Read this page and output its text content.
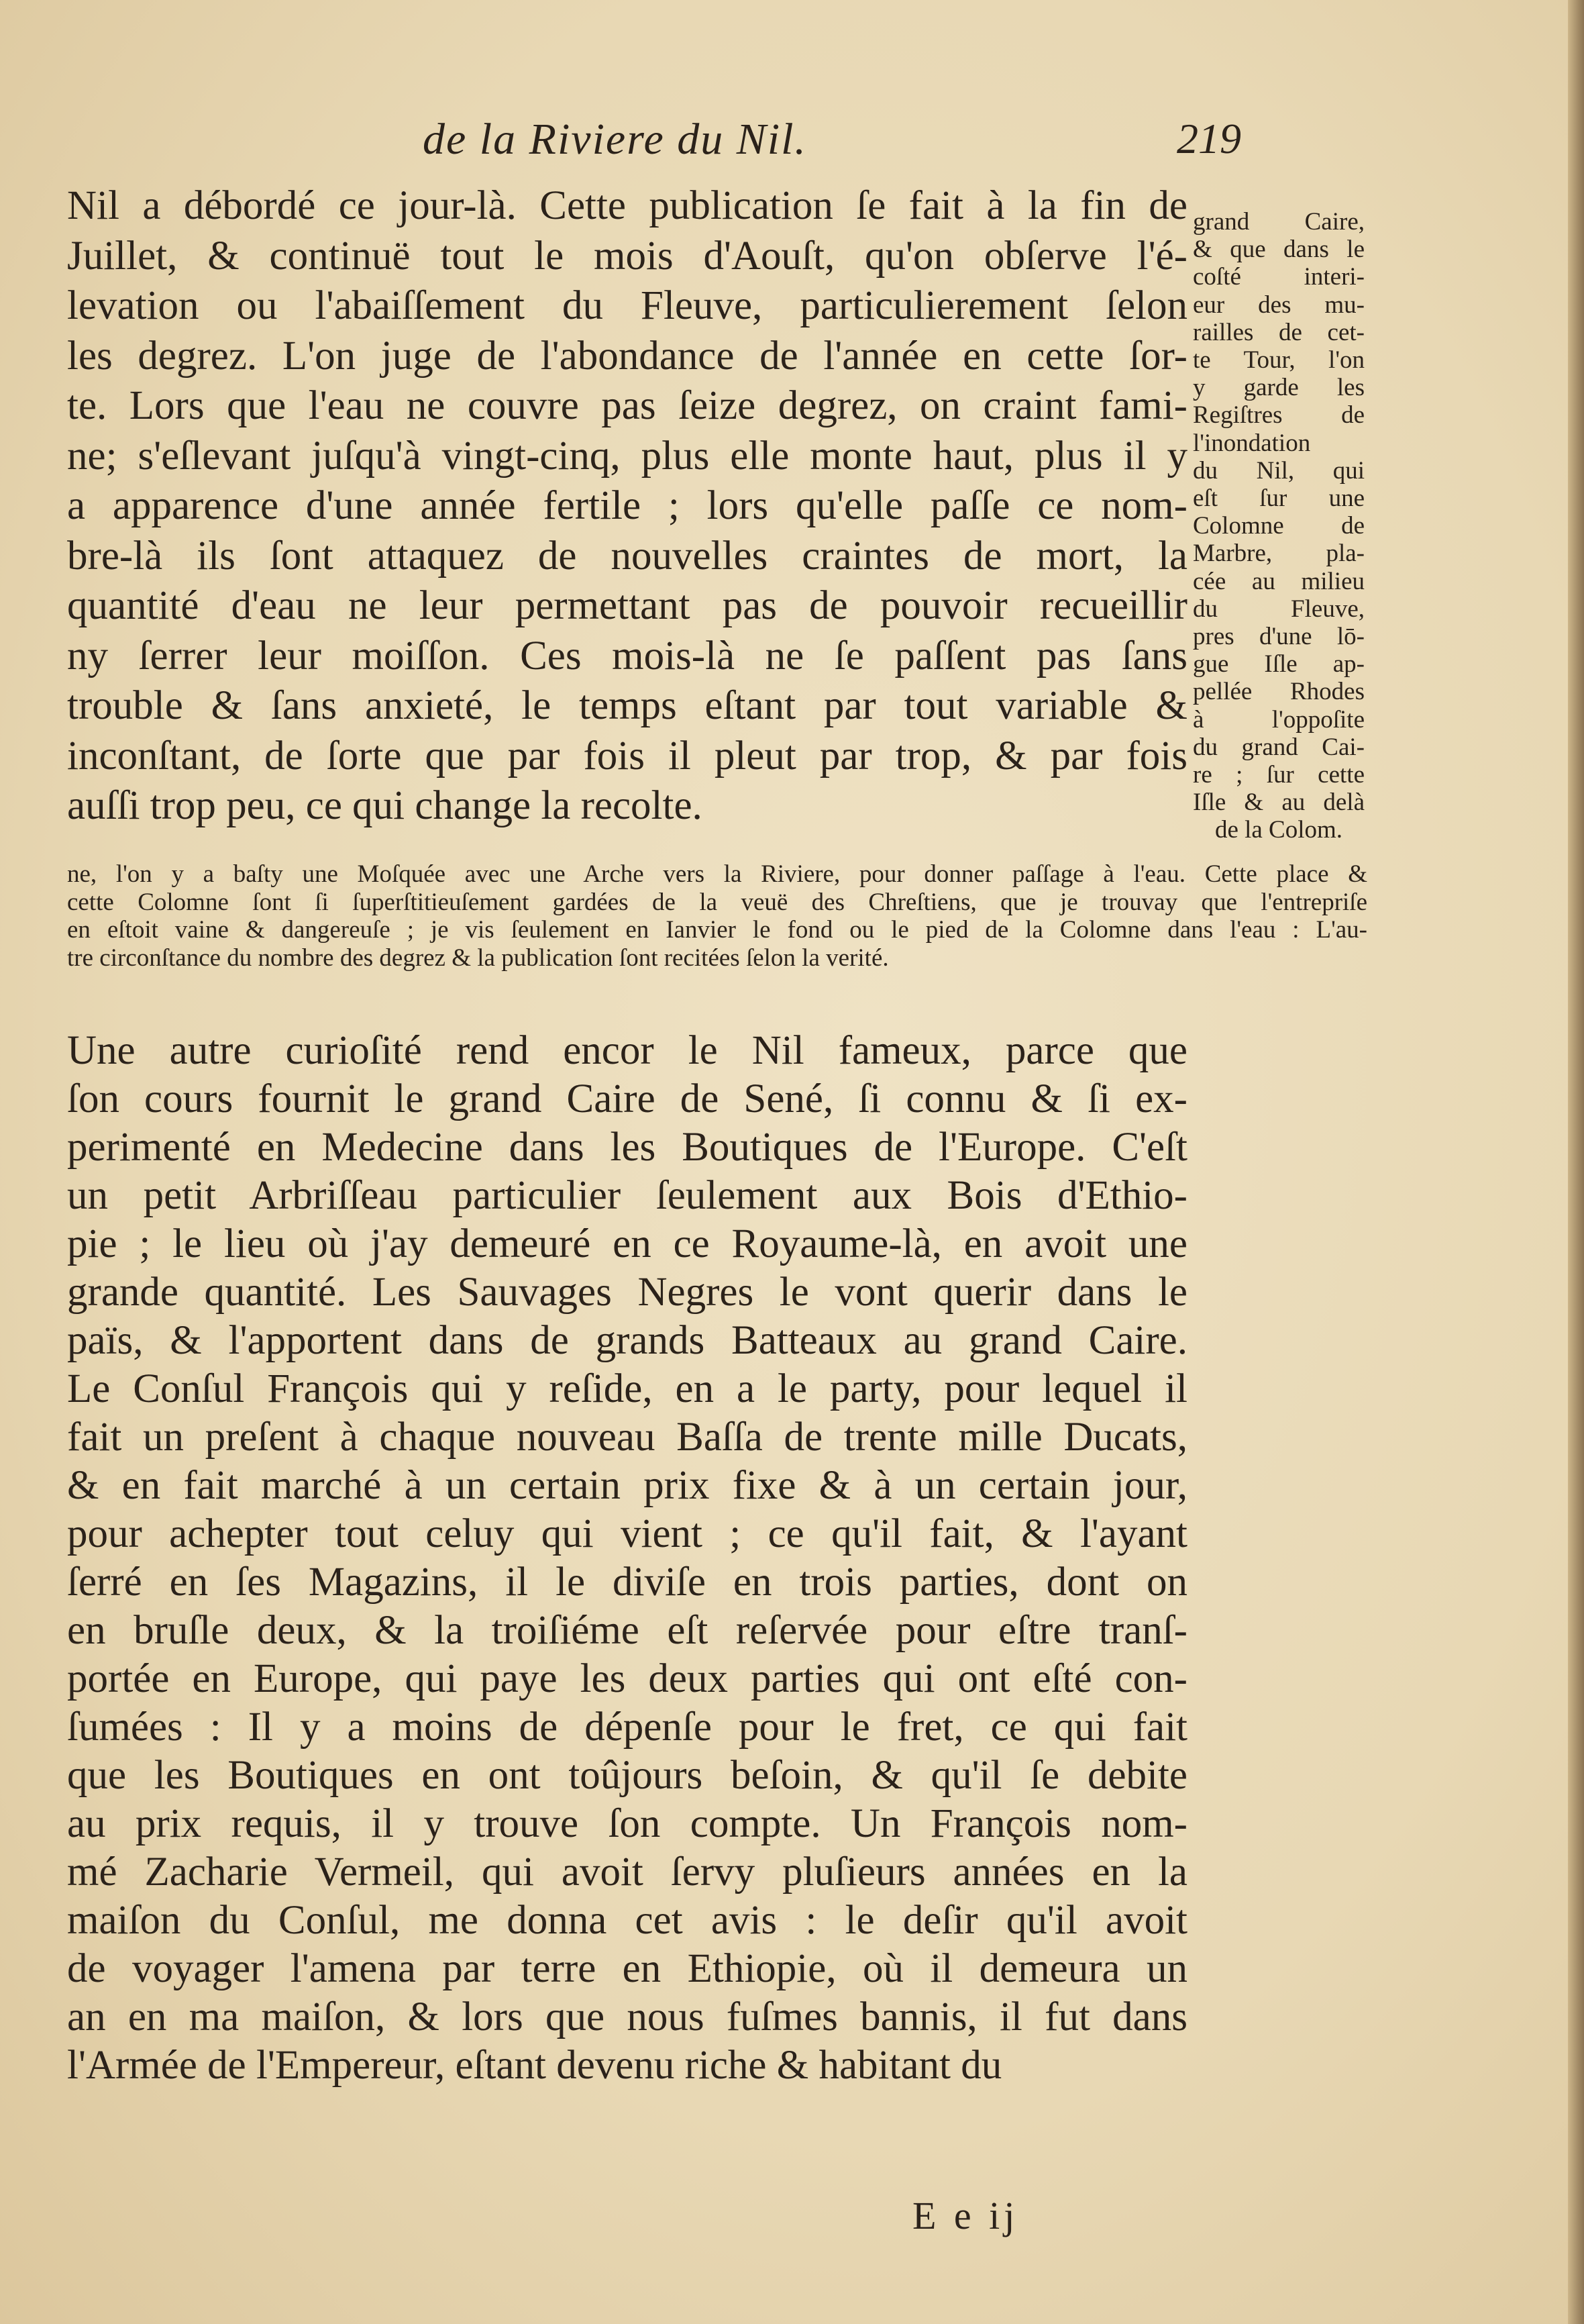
de la Riviere du Nil.	219
Nil a débordé ce jour-là. Cette publication ſe fait à la fin de
Juillet, & continuë tout le mois d'Aouſt, qu'on obſerve l'é-
levation ou l'abaiſſement du Fleuve, particulierement ſelon
les degrez. L'on juge de l'abondance de l'année en cette ſor-
te. Lors que l'eau ne couvre pas ſeize degrez, on craint fami-
ne; s'eſlevant juſqu'à vingt-cinq, plus elle monte haut, plus il y
a apparence d'une année fertile ; lors qu'elle paſſe ce nom-
bre-là ils ſont attaquez de nouvelles craintes de mort, la
quantité d'eau ne leur permettant pas de pouvoir recueillir
ny ſerrer leur moiſſon. Ces mois-là ne ſe paſſent pas ſans
trouble & ſans anxieté, le temps eſtant par tout variable &
inconſtant, de ſorte que par fois il pleut par trop, & par fois
auſſi trop peu, ce qui change la recolte.
grand Caire,
& que dans le
coſté interi-
eur des mu-
railles de cet-
te Tour, l'on
y garde les
Regiſtres de
l'inondation
du Nil, qui
eſt ſur une
Colomne de
Marbre, pla-
cée au milieu
du Fleuve,
pres d'une lō-
gue Iſle ap-
pellée Rhodes
à l'oppoſite
du grand Cai-
re ; ſur cette
Iſle & au delà
de la Colom.
ne, l'on y a baſty une Moſquée avec une Arche vers la Riviere, pour donner paſſage à l'eau. Cette place &
cette Colomne ſont ſi ſuperſtitieuſement gardées de la veuë des Chreſtiens, que je trouvay que l'entrepriſe
en eſtoit vaine & dangereuſe ; je vis ſeulement en Ianvier le fond ou le pied de la Colomne dans l'eau : L'au-
tre circonſtance du nombre des degrez & la publication ſont recitées ſelon la verité.
Une autre curioſité rend encor le Nil fameux, parce que
ſon cours fournit le grand Caire de Sené, ſi connu & ſi ex-
perimenté en Medecine dans les Boutiques de l'Europe. C'eſt
un petit Arbriſſeau particulier ſeulement aux Bois d'Ethio-
pie ; le lieu où j'ay demeuré en ce Royaume-là, en avoit une
grande quantité. Les Sauvages Negres le vont querir dans le
païs, & l'apportent dans de grands Batteaux au grand Caire.
Le Conſul François qui y reſide, en a le party, pour lequel il
fait un preſent à chaque nouveau Baſſa de trente mille Ducats,
& en fait marché à un certain prix fixe & à un certain jour,
pour achepter tout celuy qui vient ; ce qu'il fait, & l'ayant
ſerré en ſes Magazins, il le diviſe en trois parties, dont on
en bruſle deux, & la troiſiéme eſt reſervée pour eſtre tranſ-
portée en Europe, qui paye les deux parties qui ont eſté con-
ſumées : Il y a moins de dépenſe pour le fret, ce qui fait
que les Boutiques en ont toûjours beſoin, & qu'il ſe debite
au prix requis, il y trouve ſon compte. Un François nom-
mé Zacharie Vermeil, qui avoit ſervy pluſieurs années en la
maiſon du Conſul, me donna cet avis : le deſir qu'il avoit
de voyager l'amena par terre en Ethiopie, où il demeura un
an en ma maiſon, & lors que nous fuſmes bannis, il fut dans
l'Armée de l'Empereur, eſtant devenu riche & habitant du
E e ij
